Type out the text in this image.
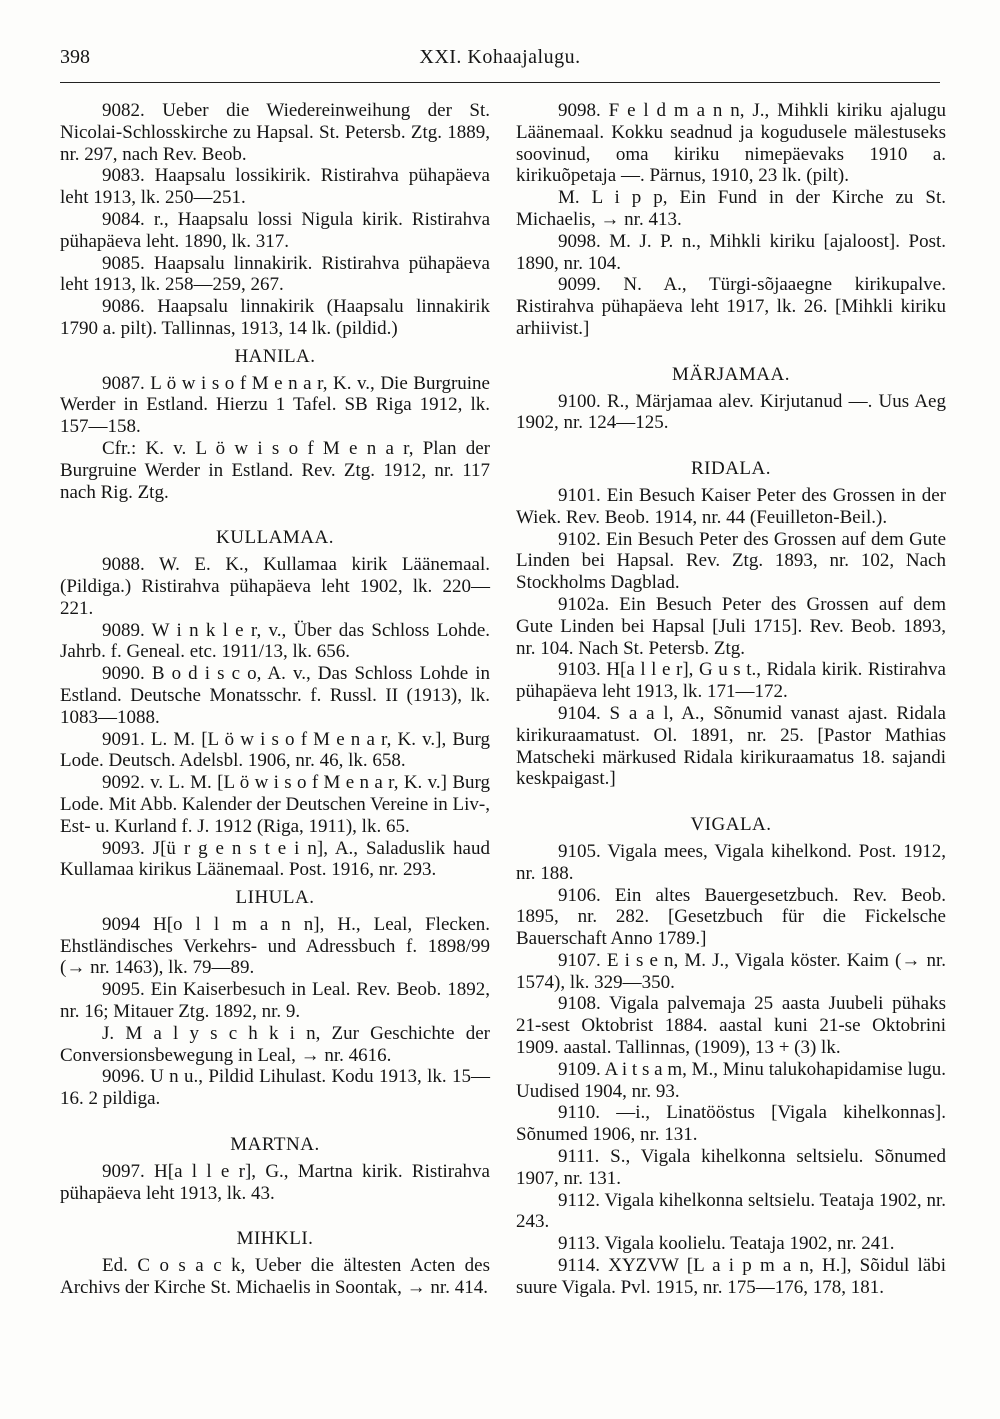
398	XXI. Kohaajalugu.

9082. Ueber die Wiedereinweihung der St. Nicolai-Schlosskirche zu Hapsal. St. Petersb. Ztg. 1889, nr. 297, nach Rev. Beob.

9083. Haapsalu lossikirik. Ristirahva pühapäeva leht 1913, lk. 250—251.

9084. r., Haapsalu lossi Nigula kirik. Ristirahva pühapäeva leht. 1890, lk. 317.

9085. Haapsalu linnakirik. Ristirahva pühapäeva leht 1913, lk. 258—259, 267.

9086. Haapsalu linnakirik (Haapsalu linnakirik 1790 a. pilt). Tallinnas, 1913, 14 lk. (pildid.)

HANILA.

9087. L ö w i s o f M e n a r, K. v., Die Burgruine Werder in Estland. Hierzu 1 Tafel. SB Riga 1912, lk. 157—158.

Cfr.: K. v. L ö w i s o f M e n a r, Plan der Burgruine Werder in Estland. Rev. Ztg. 1912, nr. 117 nach Rig. Ztg.

KULLAMAA.

9088. W. E. K., Kullamaa kirik Läänemaal. (Pildiga.) Ristirahva pühapäeva leht 1902, lk. 220—221.

9089. W i n k l e r, v., Über das Schloss Lohde. Jahrb. f. Geneal. etc. 1911/13, lk. 656.

9090. B o d i s c o, A. v., Das Schloss Lohde in Estland. Deutsche Monatsschr. f. Russl. II (1913), lk. 1083—1088.

9091. L. M. [L ö w i s o f M e n a r, K. v.], Burg Lode. Deutsch. Adelsbl. 1906, nr. 46, lk. 658.

9092. v. L. M. [L ö w i s o f M e n a r, K. v.] Burg Lode. Mit Abb. Kalender der Deutschen Vereine in Liv-, Est- u. Kurland f. J. 1912 (Riga, 1911), lk. 65.

9093. J[ü r g e n s t e i n], A., Saladuslik haud Kullamaa kirikus Läänemaal. Post. 1916, nr. 293.

LIHULA.

9094 H[o l l m a n n], H., Leal, Flecken. Ehstländisches Verkehrs- und Adressbuch f. 1898/99 (→ nr. 1463), lk. 79—89.

9095. Ein Kaiserbesuch in Leal. Rev. Beob. 1892, nr. 16; Mitauer Ztg. 1892, nr. 9.

J. M a l y s c h k i n, Zur Geschichte der Conversionsbewegung in Leal, → nr. 4616.

9096. U n u., Pildid Lihulast. Kodu 1913, lk. 15—16. 2 pildiga.

MARTNA.

9097. H[a l l e r], G., Martna kirik. Ristirahva pühapäeva leht 1913, lk. 43.

MIHKLI.

Ed. C o s a c k, Ueber die ältesten Acten des Archivs der Kirche St. Michaelis in Soontak, → nr. 414.

9098. F e l d m a n n, J., Mihkli kiriku ajalugu Läänemaal. Kokku seadnud ja kogudusele mälestuseks soovinud, oma kiriku nimepäevaks 1910 a. kirikuõpetaja —. Pärnus, 1910, 23 lk. (pilt).

M. L i p p, Ein Fund in der Kirche zu St. Michaelis, → nr. 413.

9098. M. J. P. n., Mihkli kiriku [ajaloost]. Post. 1890, nr. 104.

9099. N. A., Türgi-sõjaaegne kirikupalve. Ristirahva pühapäeva leht 1917, lk. 26. [Mihkli kiriku arhiivist.]

MÄRJAMAA.

9100. R., Märjamaa alev. Kirjutanud —. Uus Aeg 1902, nr. 124—125.

RIDALA.

9101. Ein Besuch Kaiser Peter des Grossen in der Wiek. Rev. Beob. 1914, nr. 44 (Feuilleton-Beil.).

9102. Ein Besuch Peter des Grossen auf dem Gute Linden bei Hapsal. Rev. Ztg. 1893, nr. 102, Nach Stockholms Dagblad.

9102a. Ein Besuch Peter des Grossen auf dem Gute Linden bei Hapsal [Juli 1715]. Rev. Beob. 1893, nr. 104. Nach St. Petersb. Ztg.

9103. H[a l l e r], G u s t., Ridala kirik. Ristirahva pühapäeva leht 1913, lk. 171—172.

9104. S a a l, A., Sõnumid vanast ajast. Ridala kirikuraamatust. Ol. 1891, nr. 25. [Pastor Mathias Matscheki märkused Ridala kirikuraamatus 18. sajandi keskpaigast.]

VIGALA.

9105. Vigala mees, Vigala kihelkond. Post. 1912, nr. 188.

9106. Ein altes Bauergesetzbuch. Rev. Beob. 1895, nr. 282. [Gesetzbuch für die Fickelsche Bauerschaft Anno 1789.]

9107. E i s e n, M. J., Vigala köster. Kaim (→ nr. 1574), lk. 329—350.

9108. Vigala palvemaja 25 aasta Juubeli pühaks 21-sest Oktobrist 1884. aastal kuni 21-se Oktobrini 1909. aastal. Tallinnas, (1909), 13 + (3) lk.

9109. A i t s a m, M., Minu talukohapidamise lugu. Uudised 1904, nr. 93.

9110. —i., Linatööstus [Vigala kihelkonnas]. Sõnumed 1906, nr. 131.

9111. S., Vigala kihelkonna seltsielu. Sõnumed 1907, nr. 131.

9112. Vigala kihelkonna seltsielu. Teataja 1902, nr. 243.

9113. Vigala koolielu. Teataja 1902, nr. 241.

9114. XYZVW [L a i p m a n, H.], Sõidul läbi suure Vigala. Pvl. 1915, nr. 175—176, 178, 181.
